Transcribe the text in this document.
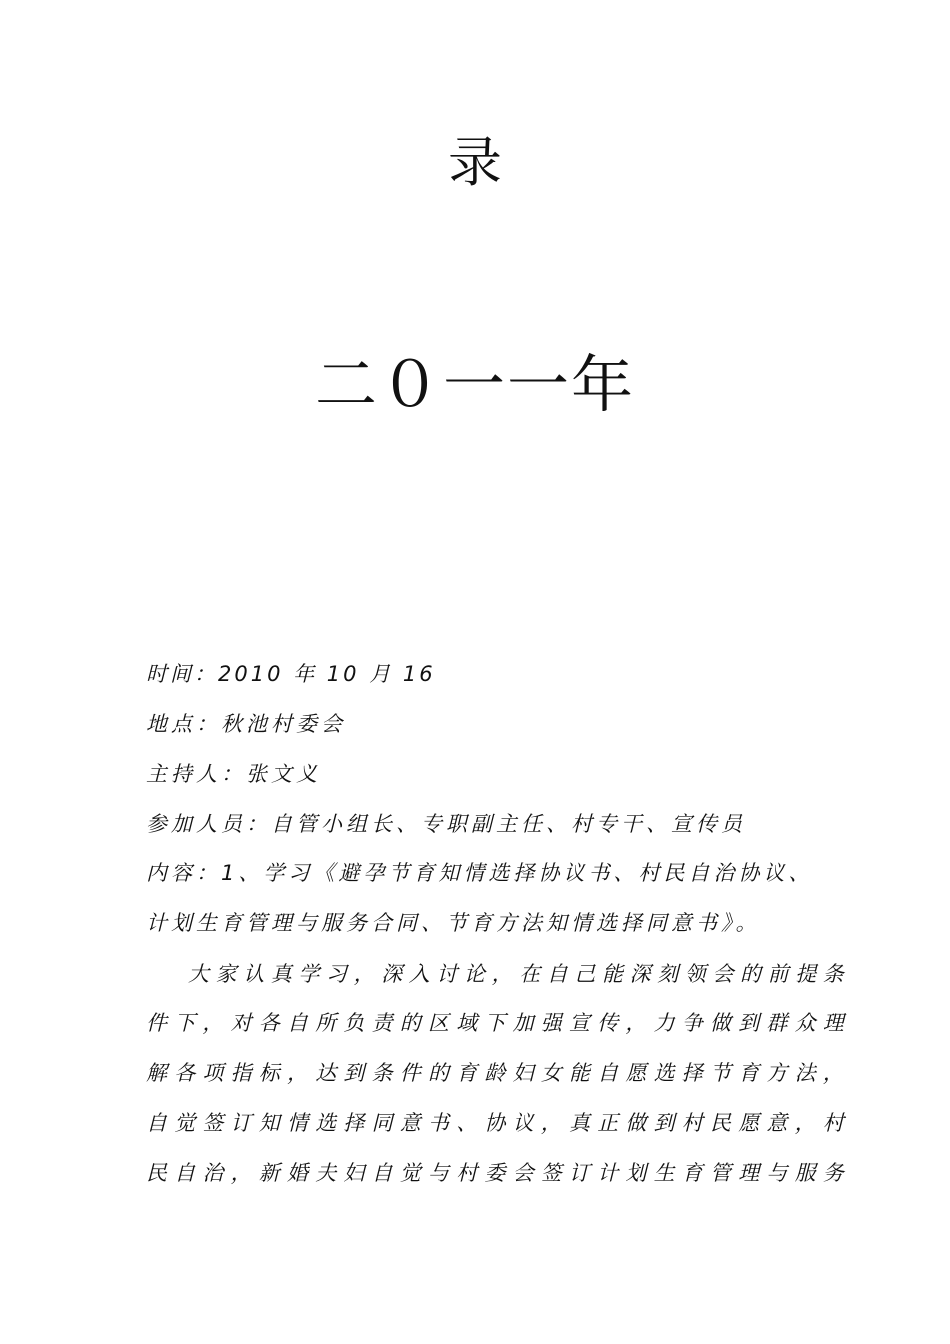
录
二０一一年
时间：2010 年 10 月 16
地点：秋池村委会
主持人：张文义
参加人员：自管小组长、专职副主任、村专干、宣传员
内容：1、学习《避孕节育知情选择协议书、村民自治协议、
计划生育管理与服务合同、节育方法知情选择同意书》。
大家认真学习，深入讨论，在自己能深刻领会的前提条
件下，对各自所负责的区域下加强宣传，力争做到群众理
解各项指标，达到条件的育龄妇女能自愿选择节育方法，
自觉签订知情选择同意书、协议，真正做到村民愿意，村
民自治，新婚夫妇自觉与村委会签订计划生育管理与服务
